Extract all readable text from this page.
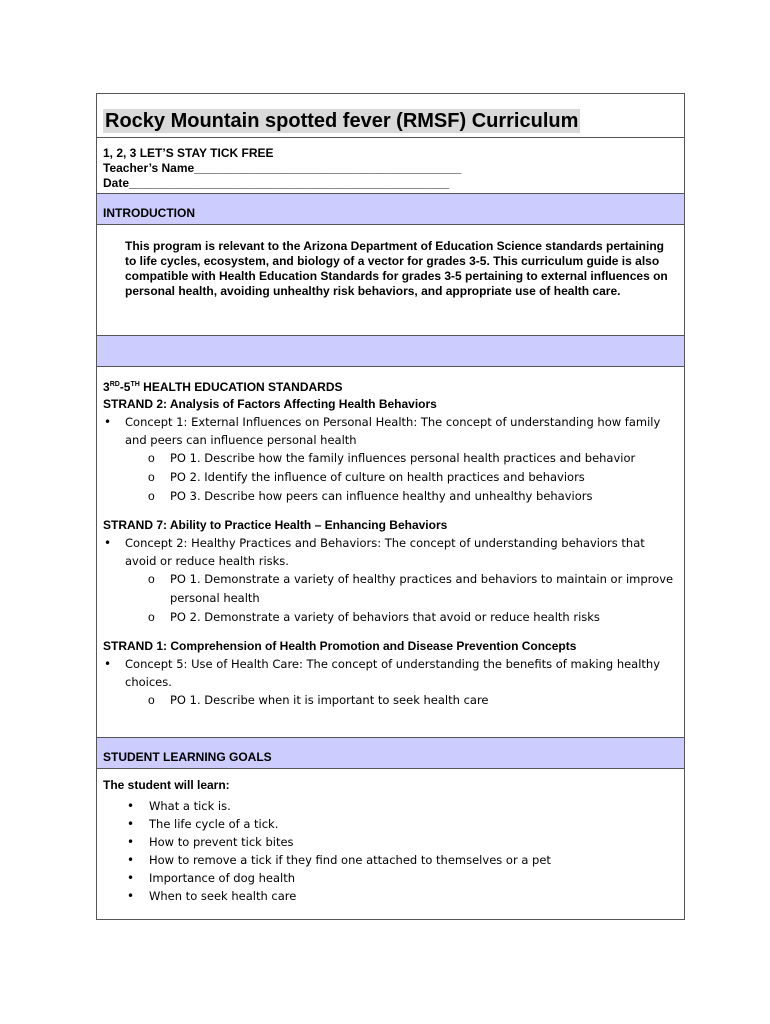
Rocky Mountain spotted fever (RMSF) Curriculum
1, 2, 3 LET’S STAY TICK FREE
Teacher’s Name________________________________________
Date________________________________________________
INTRODUCTION

This program is relevant to the Arizona Department of Education Science standards pertaining to life cycles, ecosystem, and biology of a vector for grades 3-5. This curriculum guide is also compatible with Health Education Standards for grades 3-5 pertaining to external influences on personal health, avoiding unhealthy risk behaviors, and appropriate use of health care.

3RD-5TH HEALTH EDUCATION STANDARDS
STRAND 2: Analysis of Factors Affecting Health Behaviors
• Concept 1: External Influences on Personal Health: The concept of understanding how family and peers can influence personal health
o PO 1. Describe how the family influences personal health practices and behavior
o PO 2. Identify the influence of culture on health practices and behaviors
o PO 3. Describe how peers can influence healthy and unhealthy behaviors
STRAND 7: Ability to Practice Health – Enhancing Behaviors
• Concept 2: Healthy Practices and Behaviors: The concept of understanding behaviors that avoid or reduce health risks.
o PO 1. Demonstrate a variety of healthy practices and behaviors to maintain or improve personal health
o PO 2. Demonstrate a variety of behaviors that avoid or reduce health risks
STRAND 1: Comprehension of Health Promotion and Disease Prevention Concepts
• Concept 5: Use of Health Care: The concept of understanding the benefits of making healthy choices.
o PO 1. Describe when it is important to seek health care
STUDENT LEARNING GOALS
The student will learn:
• What a tick is.
• The life cycle of a tick.
• How to prevent tick bites
• How to remove a tick if they find one attached to themselves or a pet
• Importance of dog health
• When to seek health care
